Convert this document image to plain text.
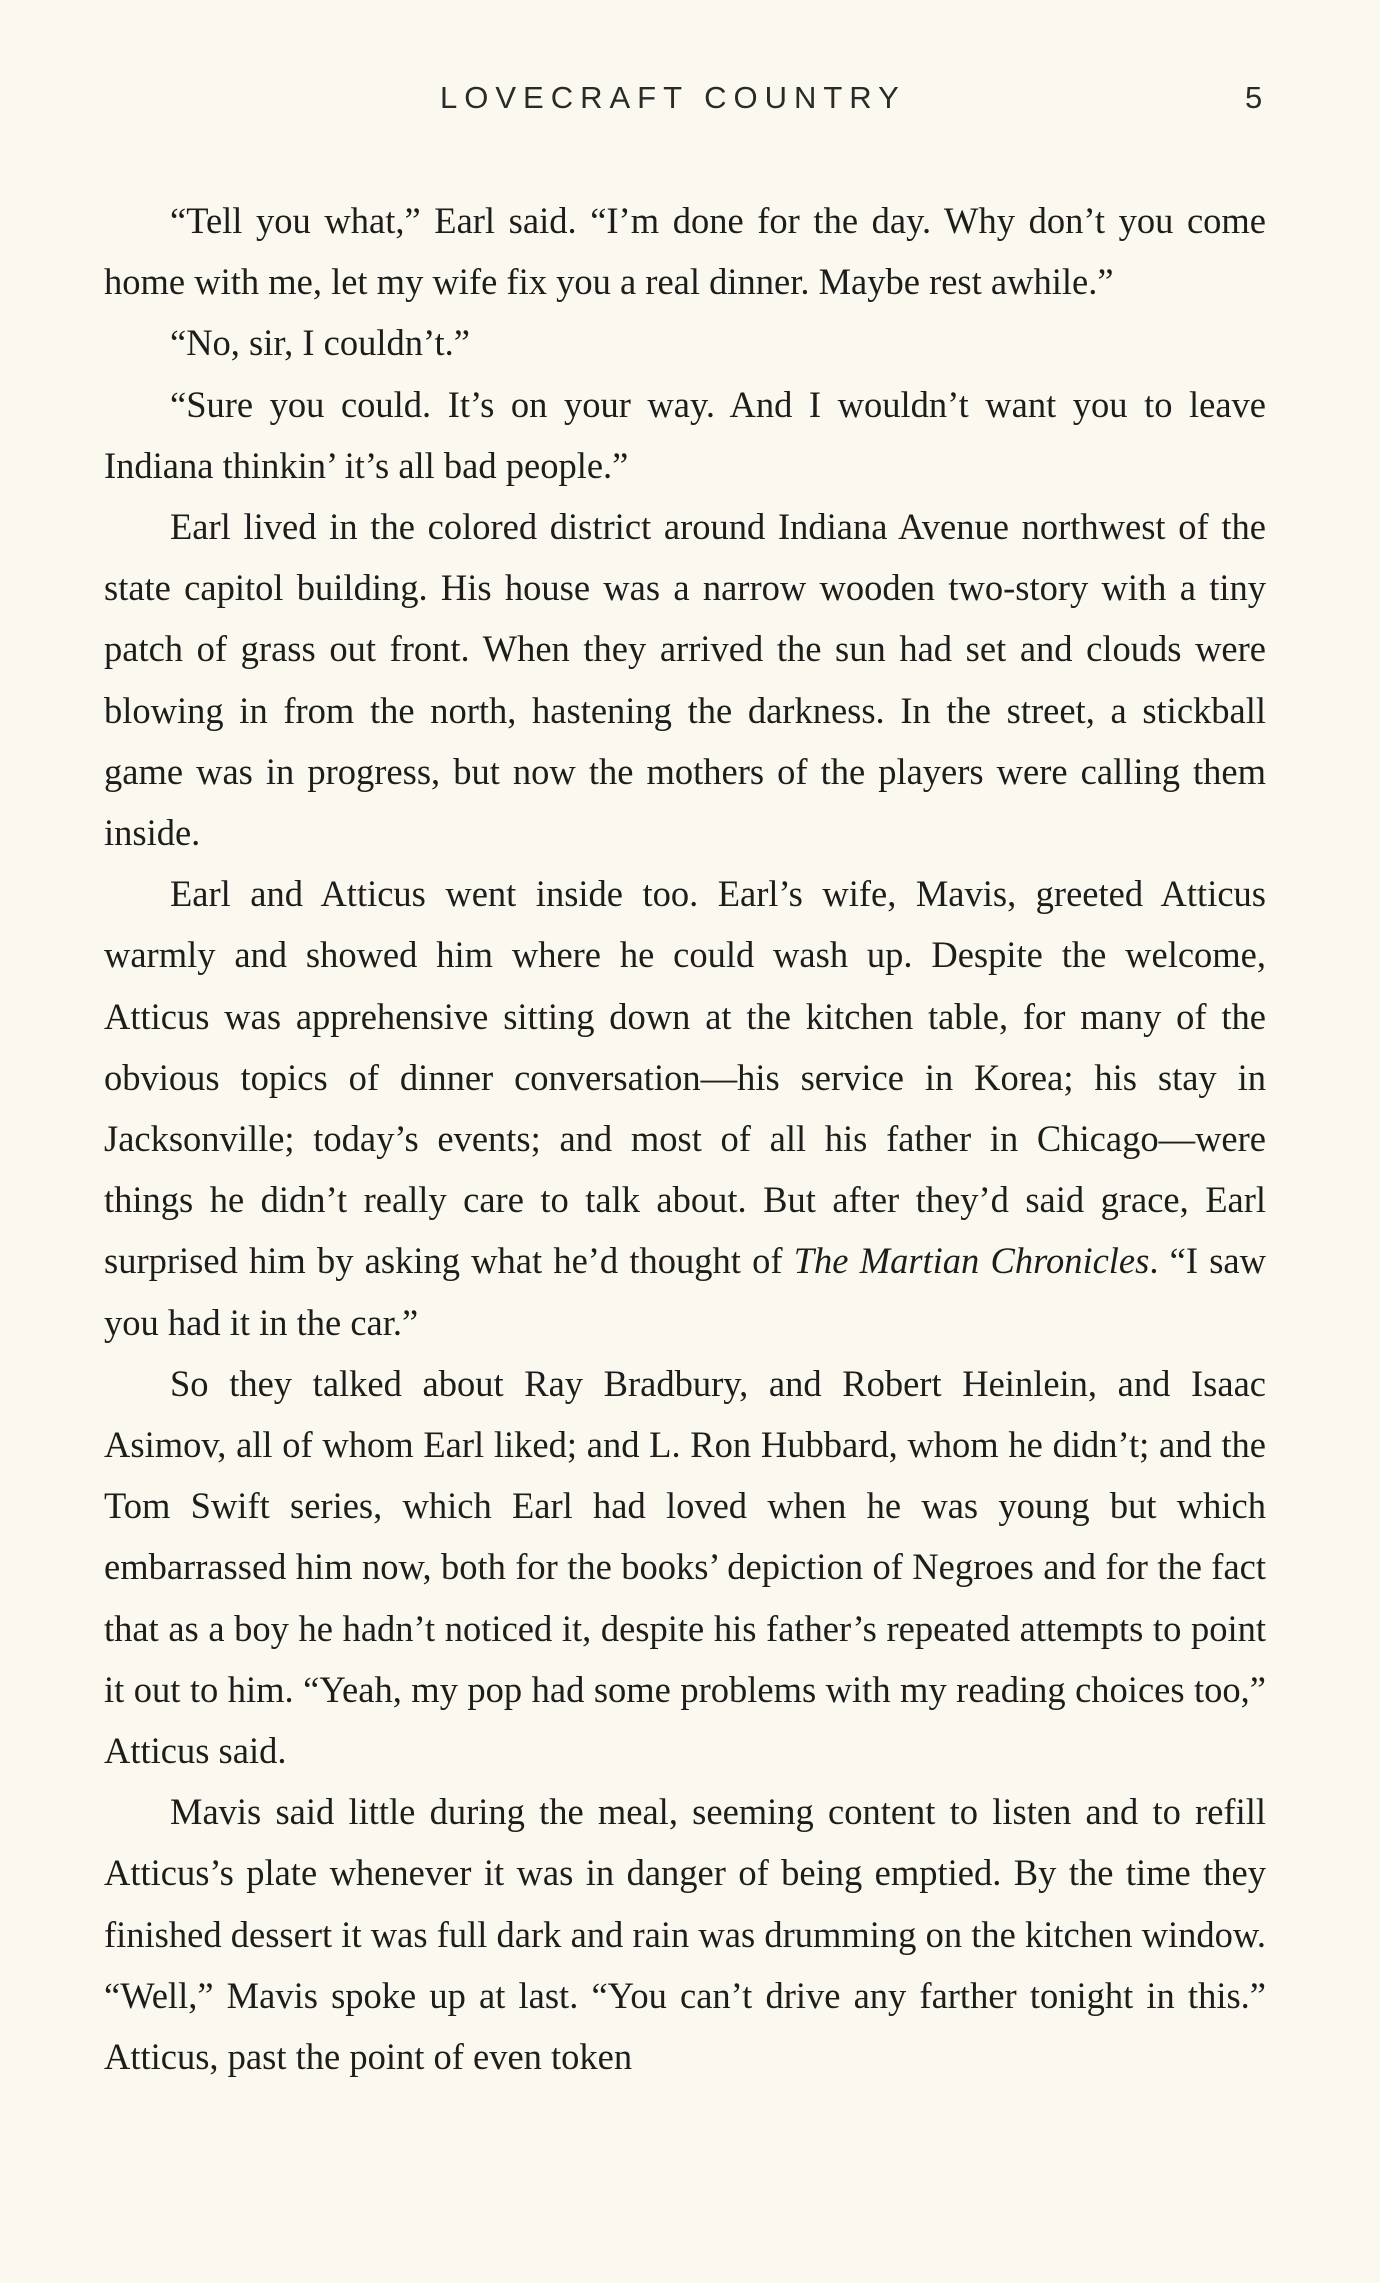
LOVECRAFT COUNTRY	5

“Tell you what,” Earl said. “I’m done for the day. Why don’t you come home with me, let my wife fix you a real dinner. Maybe rest awhile.”

“No, sir, I couldn’t.”

“Sure you could. It’s on your way. And I wouldn’t want you to leave Indiana thinkin’ it’s all bad people.”

Earl lived in the colored district around Indiana Avenue northwest of the state capitol building. His house was a narrow wooden two-story with a tiny patch of grass out front. When they arrived the sun had set and clouds were blowing in from the north, hastening the darkness. In the street, a stickball game was in progress, but now the mothers of the players were calling them inside.

Earl and Atticus went inside too. Earl’s wife, Mavis, greeted Atticus warmly and showed him where he could wash up. Despite the welcome, Atticus was apprehensive sitting down at the kitchen table, for many of the obvious topics of dinner conversation—his service in Korea; his stay in Jacksonville; today’s events; and most of all his father in Chicago—were things he didn’t really care to talk about. But after they’d said grace, Earl surprised him by asking what he’d thought of The Martian Chronicles. “I saw you had it in the car.”

So they talked about Ray Bradbury, and Robert Heinlein, and Isaac Asimov, all of whom Earl liked; and L. Ron Hubbard, whom he didn’t; and the Tom Swift series, which Earl had loved when he was young but which embarrassed him now, both for the books’ depiction of Negroes and for the fact that as a boy he hadn’t noticed it, despite his father’s repeated attempts to point it out to him. “Yeah, my pop had some problems with my reading choices too,” Atticus said.

Mavis said little during the meal, seeming content to listen and to refill Atticus’s plate whenever it was in danger of being emptied. By the time they finished dessert it was full dark and rain was drumming on the kitchen window. “Well,” Mavis spoke up at last. “You can’t drive any farther tonight in this.” Atticus, past the point of even token
